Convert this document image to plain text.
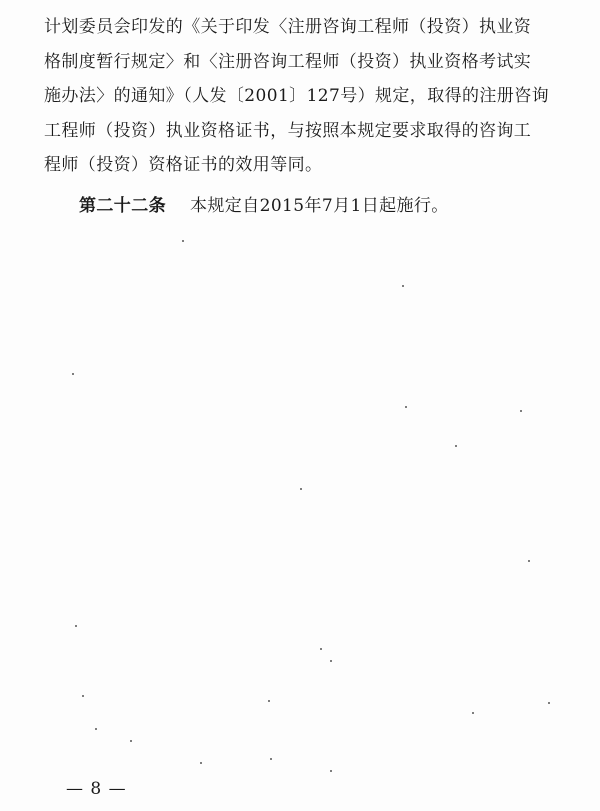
计划委员会印发的《关于印发〈注册咨询工程师（投资）执业资
格制度暂行规定〉和〈注册咨询工程师（投资）执业资格考试实
施办法〉的通知》（人发〔2001〕127号）规定，取得的注册咨询
工程师（投资）执业资格证书，与按照本规定要求取得的咨询工
程师（投资）资格证书的效用等同。
第二十二条 本规定自2015年7月1日起施行。
— 8 —
